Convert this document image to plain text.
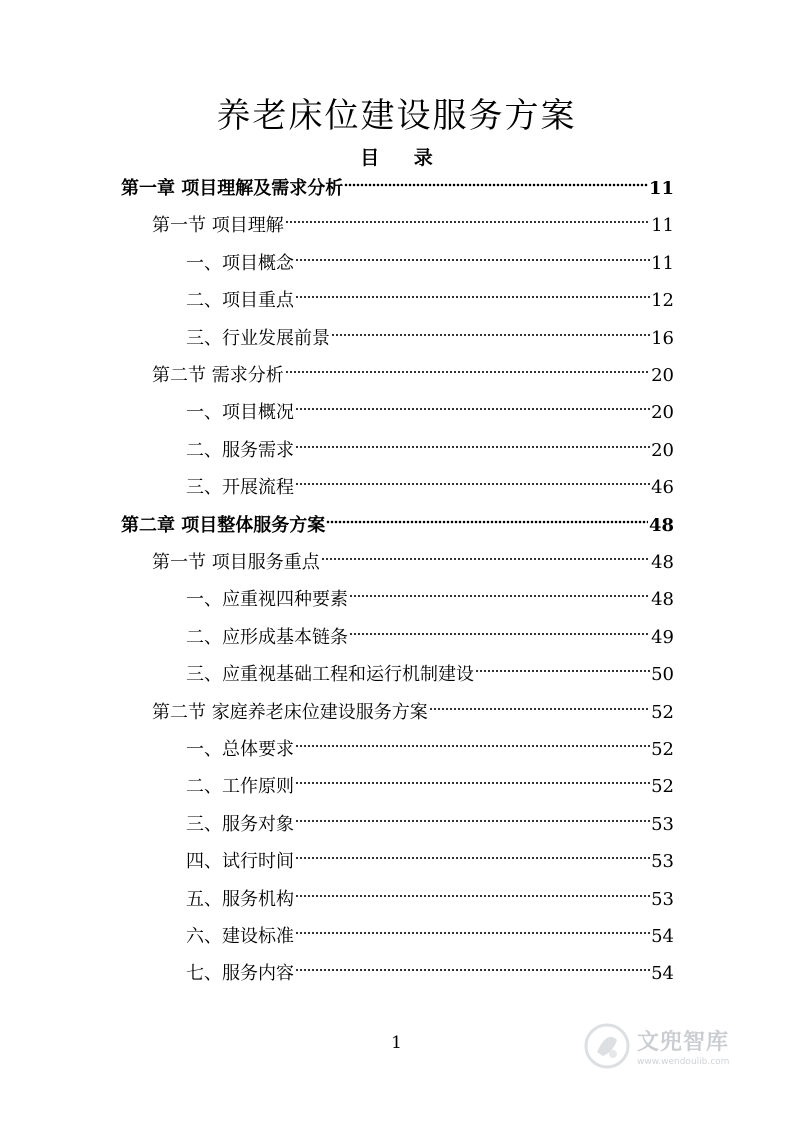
养老床位建设服务方案
目 录
第一章 项目理解及需求分析	11
第一节 项目理解	11
一、项目概念	11
二、项目重点	12
三、行业发展前景	16
第二节 需求分析	20
一、项目概况	20
二、服务需求	20
三、开展流程	46
第二章 项目整体服务方案	48
第一节 项目服务重点	48
一、应重视四种要素	48
二、应形成基本链条	49
三、应重视基础工程和运行机制建设	50
第二节 家庭养老床位建设服务方案	52
一、总体要求	52
二、工作原则	52
三、服务对象	53
四、试行时间	53
五、服务机构	53
六、建设标准	54
七、服务内容	54
1	文兜智库
www.wendoulib.com
